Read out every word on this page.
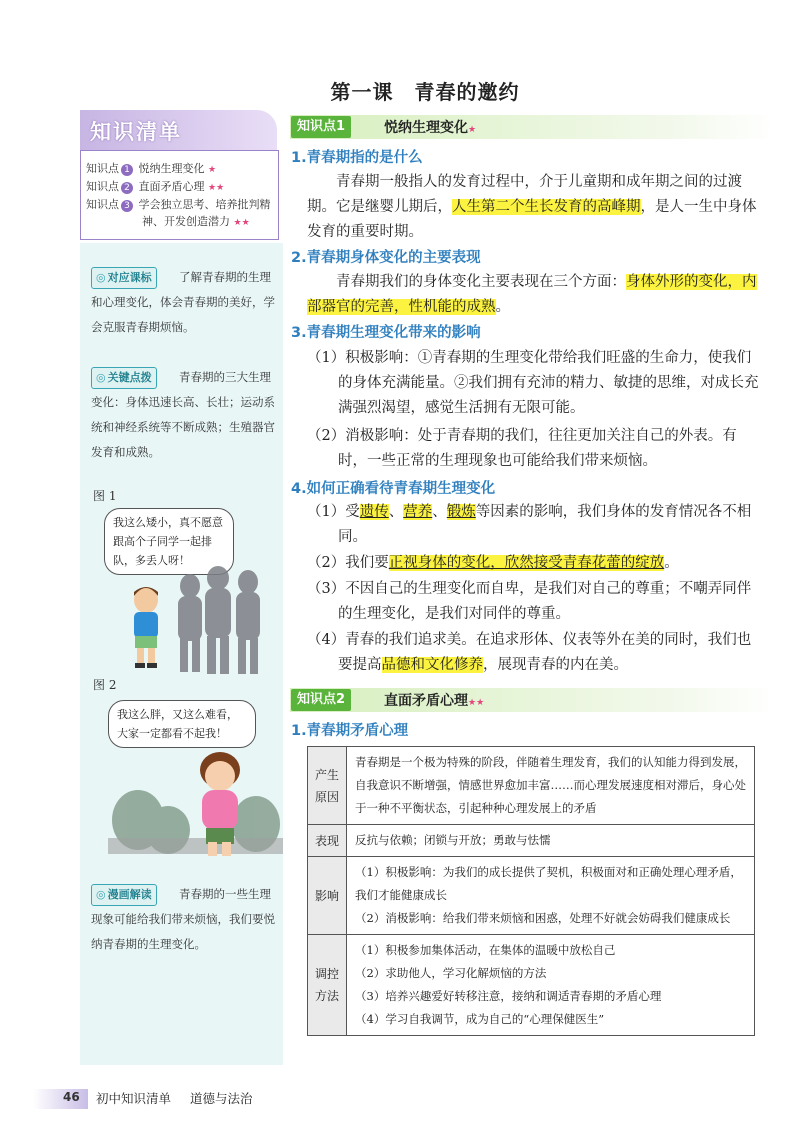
第一课　青春的邀约
知识清单
知识点 1 悦纳生理变化 ★
知识点 2 直面矛盾心理 ★★
知识点 3 学会独立思考、培养批判精
神、开发创造潜力 ★★
◎ 对应课标	了解青春期的生理和心理变化，体会青春期的美好，学会克服青春期烦恼。
◎ 关键点拨	青春期的三大生理变化：身体迅速长高、长壮；运动系统和神经系统等不断成熟；生殖器官发育和成熟。
图 1
我这么矮小，真不愿意跟高个子同学一起排队，多丢人呀！
图 2
我这么胖，又这么难看，大家一定都看不起我！
◎ 漫画解读	青春期的一些生理现象可能给我们带来烦恼，我们要悦纳青春期的生理变化。
知识点1	悦纳生理变化★
1.青春期指的是什么
青春期一般指人的发育过程中，介于儿童期和成年期之间的过渡期。它是继婴儿期后，人生第二个生长发育的高峰期，是人一生中身体发育的重要时期。
2.青春期身体变化的主要表现
青春期我们的身体变化主要表现在三个方面：身体外形的变化，内部器官的完善，性机能的成熟。
3.青春期生理变化带来的影响
（1）积极影响：①青春期的生理变化带给我们旺盛的生命力，使我们的身体充满能量。②我们拥有充沛的精力、敏捷的思维，对成长充满强烈渴望，感觉生活拥有无限可能。
（2）消极影响：处于青春期的我们，往往更加关注自己的外表。有时，一些正常的生理现象也可能给我们带来烦恼。
4.如何正确看待青春期生理变化
（1）受遗传、营养、锻炼等因素的影响，我们身体的发育情况各不相同。
（2）我们要正视身体的变化，欣然接受青春花蕾的绽放。
（3）不因自己的生理变化而自卑，是我们对自己的尊重；不嘲弄同伴的生理变化，是我们对同伴的尊重。
（4）青春的我们追求美。在追求形体、仪表等外在美的同时，我们也要提高品德和文化修养，展现青春的内在美。
知识点2	直面矛盾心理★★
1.青春期矛盾心理
产生原因	青春期是一个极为特殊的阶段，伴随着生理发育，我们的认知能力得到发展，自我意识不断增强，情感世界愈加丰富……而心理发展速度相对滞后，身心处于一种不平衡状态，引起种种心理发展上的矛盾
表现	反抗与依赖；闭锁与开放；勇敢与怯懦
影响	（1）积极影响：为我们的成长提供了契机，积极面对和正确处理心理矛盾，我们才能健康成长
（2）消极影响：给我们带来烦恼和困惑，处理不好就会妨碍我们健康成长

调控方法	（1）积极参加集体活动，在集体的温暖中放松自己
（2）求助他人，学习化解烦恼的方法
（3）培养兴趣爱好转移注意，接纳和调适青春期的矛盾心理
（4）学习自我调节，成为自己的“心理保健医生”
46 初中知识清单 道德与法治
